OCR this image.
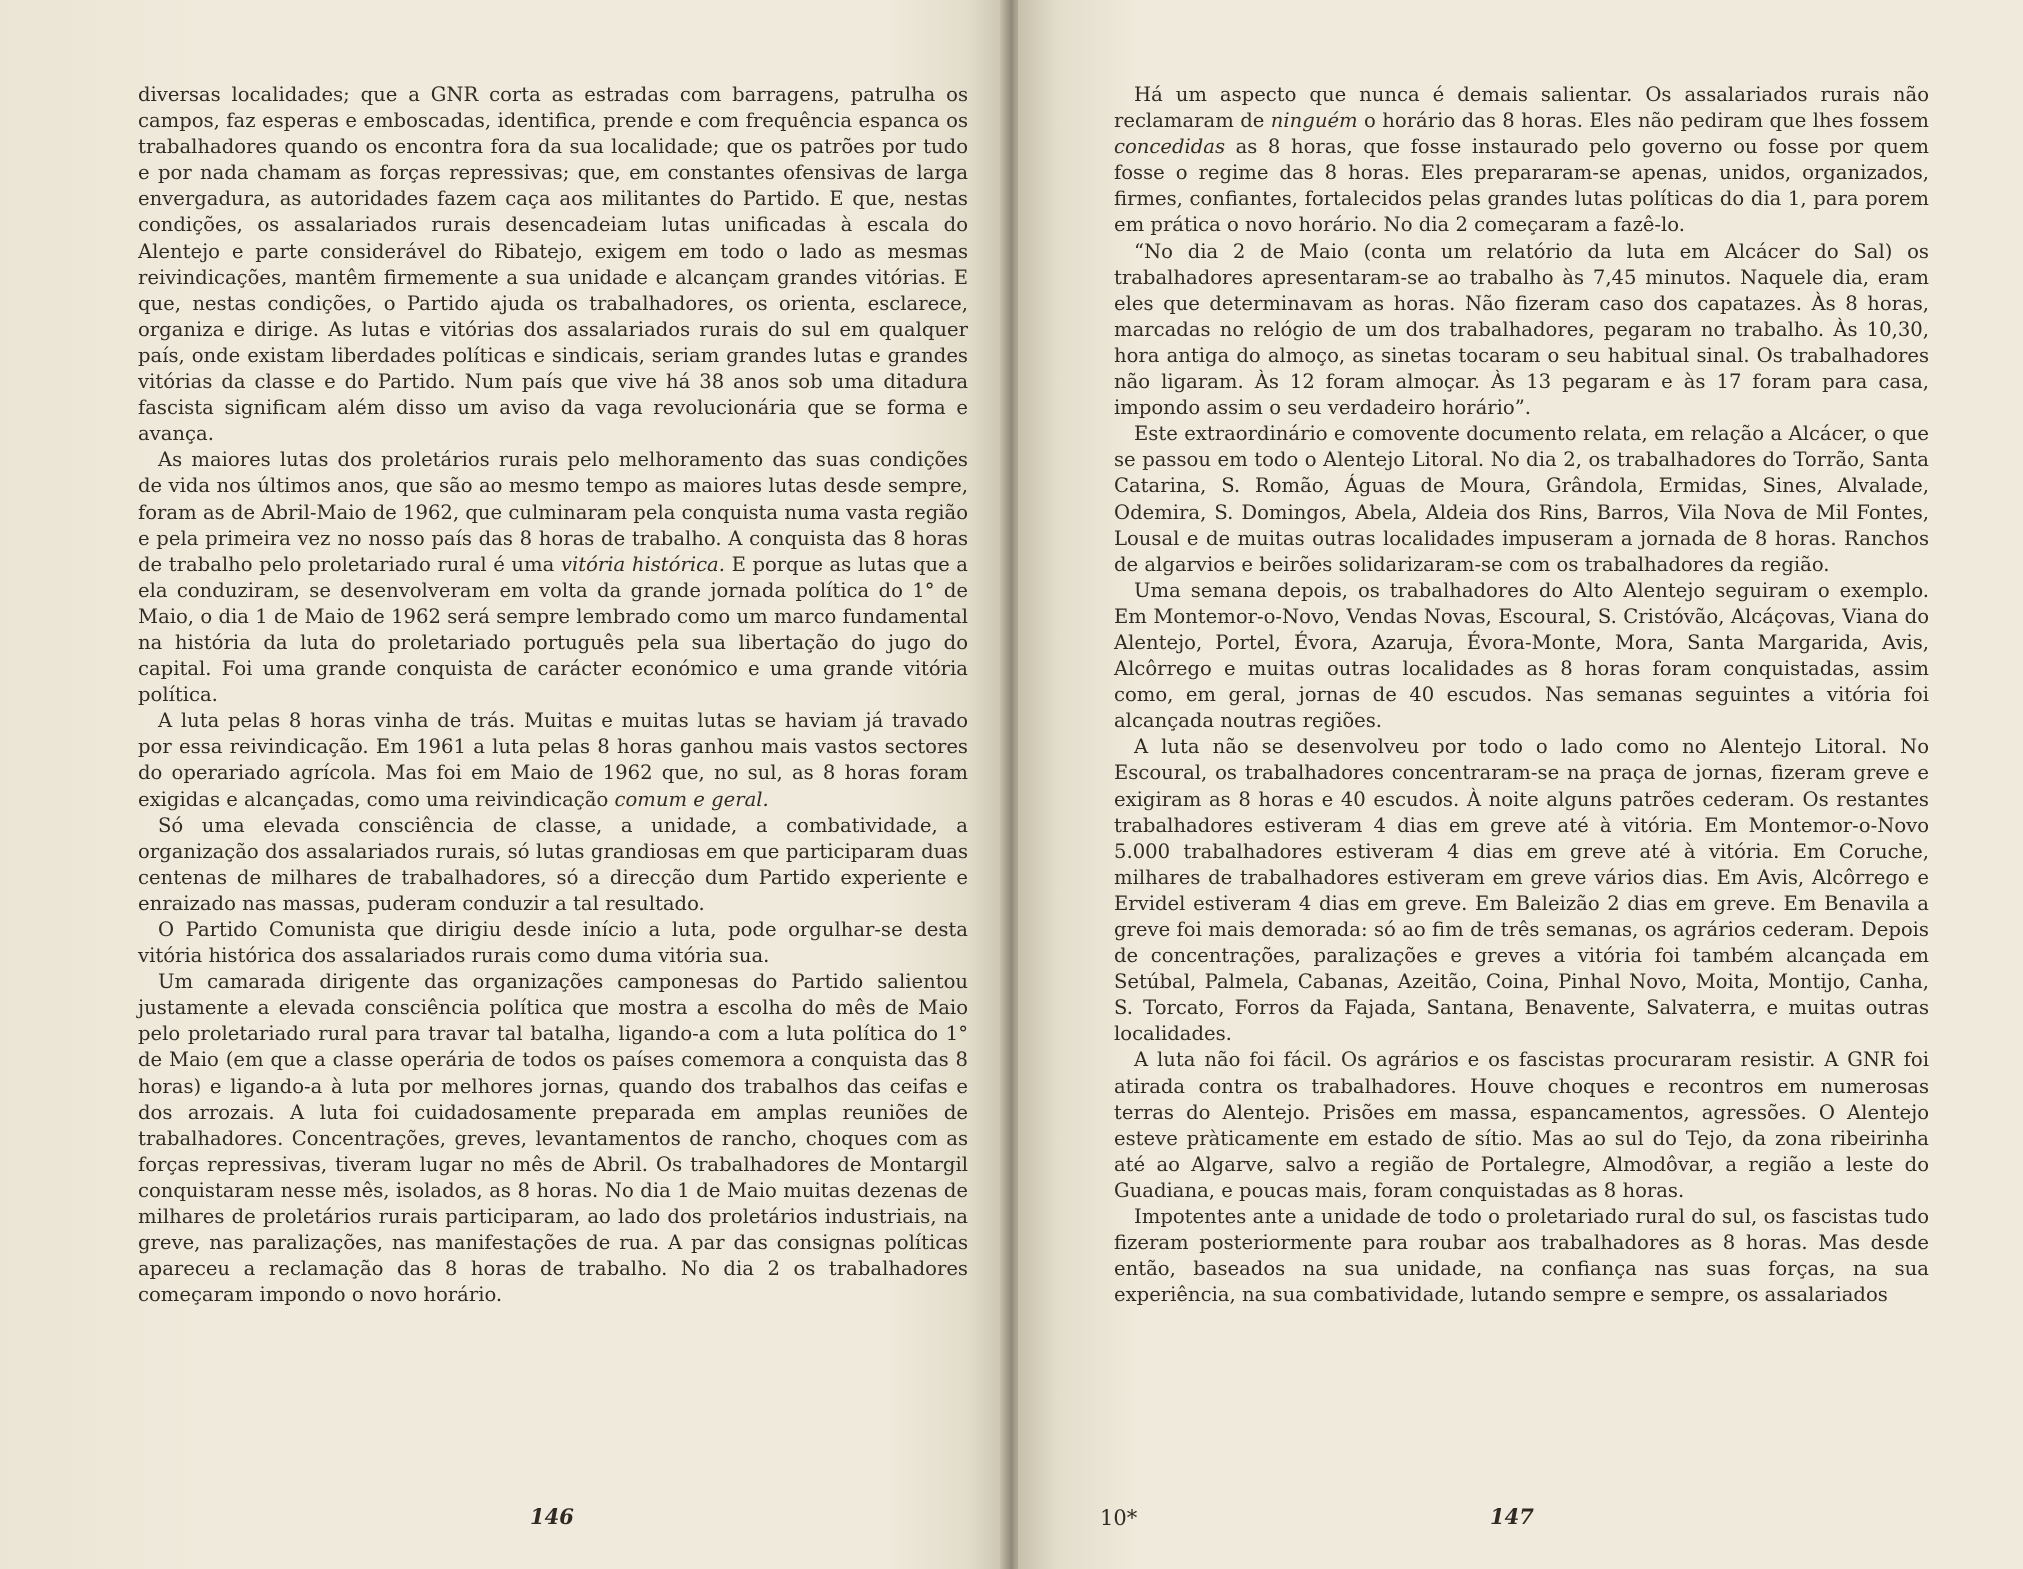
diversas localidades; que a GNR corta as estradas com barragens, patrulha os campos, faz esperas e emboscadas, identifica, prende e com frequência espanca os trabalhadores quando os encontra fora da sua localidade; que os patrões por tudo e por nada chamam as forças repressivas; que, em constantes ofensivas de larga envergadura, as autoridades fazem caça aos militantes do Partido. E que, nestas condições, os assalariados rurais desencadeiam lutas unificadas à escala do Alentejo e parte considerável do Ribatejo, exigem em todo o lado as mesmas reivindicações, mantêm firmemente a sua unidade e alcançam grandes vitórias. E que, nestas condições, o Partido ajuda os trabalhadores, os orienta, esclarece, organiza e dirige. As lutas e vitórias dos assalariados rurais do sul em qualquer país, onde existam liberdades políticas e sindicais, seriam grandes lutas e grandes vitórias da classe e do Partido. Num país que vive há 38 anos sob uma ditadura fascista significam além disso um aviso da vaga revolucionária que se forma e avança.

As maiores lutas dos proletários rurais pelo melhoramento das suas condições de vida nos últimos anos, que são ao mesmo tempo as maiores lutas desde sempre, foram as de Abril-Maio de 1962, que culminaram pela conquista numa vasta região e pela primeira vez no nosso país das 8 horas de trabalho. A conquista das 8 horas de trabalho pelo proletariado rural é uma vitória histórica. E porque as lutas que a ela conduziram, se desenvolveram em volta da grande jornada política do 1° de Maio, o dia 1 de Maio de 1962 será sempre lembrado como um marco fundamental na história da luta do proletariado português pela sua libertação do jugo do capital. Foi uma grande conquista de carácter económico e uma grande vitória política.

A luta pelas 8 horas vinha de trás. Muitas e muitas lutas se haviam já travado por essa reivindicação. Em 1961 a luta pelas 8 horas ganhou mais vastos sectores do operariado agrícola. Mas foi em Maio de 1962 que, no sul, as 8 horas foram exigidas e alcançadas, como uma reivindicação comum e geral.

Só uma elevada consciência de classe, a unidade, a combatividade, a organização dos assalariados rurais, só lutas grandiosas em que participaram duas centenas de milhares de trabalhadores, só a direcção dum Partido experiente e enraizado nas massas, puderam conduzir a tal resultado.

O Partido Comunista que dirigiu desde início a luta, pode orgulhar-se desta vitória histórica dos assalariados rurais como duma vitória sua.

Um camarada dirigente das organizações camponesas do Partido salientou justamente a elevada consciência política que mostra a escolha do mês de Maio pelo proletariado rural para travar tal batalha, ligando-a com a luta política do 1° de Maio (em que a classe operária de todos os países comemora a conquista das 8 horas) e ligando-a à luta por melhores jornas, quando dos trabalhos das ceifas e dos arrozais. A luta foi cuidadosamente preparada em amplas reuniões de trabalhadores. Concentrações, greves, levantamentos de rancho, choques com as forças repressivas, tiveram lugar no mês de Abril. Os trabalhadores de Montargil conquistaram nesse mês, isolados, as 8 horas. No dia 1 de Maio muitas dezenas de milhares de proletários rurais participaram, ao lado dos proletários industriais, na greve, nas paralizações, nas manifestações de rua. A par das consignas políticas apareceu a reclamação das 8 horas de trabalho. No dia 2 os trabalhadores começaram impondo o novo horário.

146

Há um aspecto que nunca é demais salientar. Os assalariados rurais não reclamaram de ninguém o horário das 8 horas. Eles não pediram que lhes fossem concedidas as 8 horas, que fosse instaurado pelo governo ou fosse por quem fosse o regime das 8 horas. Eles prepararam-se apenas, unidos, organizados, firmes, confiantes, fortalecidos pelas grandes lutas políticas do dia 1, para porem em prática o novo horário. No dia 2 começaram a fazê-lo.

“No dia 2 de Maio (conta um relatório da luta em Alcácer do Sal) os trabalhadores apresentaram-se ao trabalho às 7,45 minutos. Naquele dia, eram eles que determinavam as horas. Não fizeram caso dos capatazes. Às 8 horas, marcadas no relógio de um dos trabalhadores, pegaram no trabalho. Às 10,30, hora antiga do almoço, as sinetas tocaram o seu habitual sinal. Os trabalhadores não ligaram. Às 12 foram almoçar. Às 13 pegaram e às 17 foram para casa, impondo assim o seu verdadeiro horário”.

Este extraordinário e comovente documento relata, em relação a Alcácer, o que se passou em todo o Alentejo Litoral. No dia 2, os trabalhadores do Torrão, Santa Catarina, S. Romão, Águas de Moura, Grândola, Ermidas, Sines, Alvalade, Odemira, S. Domingos, Abela, Aldeia dos Rins, Barros, Vila Nova de Mil Fontes, Lousal e de muitas outras localidades impuseram a jornada de 8 horas. Ranchos de algarvios e beirões solidarizaram-se com os trabalhadores da região.

Uma semana depois, os trabalhadores do Alto Alentejo seguiram o exemplo. Em Montemor-o-Novo, Vendas Novas, Escoural, S. Cristóvão, Alcáçovas, Viana do Alentejo, Portel, Évora, Azaruja, Évora-Monte, Mora, Santa Margarida, Avis, Alcôrrego e muitas outras localidades as 8 horas foram conquistadas, assim como, em geral, jornas de 40 escudos. Nas semanas seguintes a vitória foi alcançada noutras regiões.

A luta não se desenvolveu por todo o lado como no Alentejo Litoral. No Escoural, os trabalhadores concentraram-se na praça de jornas, fizeram greve e exigiram as 8 horas e 40 escudos. À noite alguns patrões cederam. Os restantes trabalhadores estiveram 4 dias em greve até à vitória. Em Montemor-o-Novo 5.000 trabalhadores estiveram 4 dias em greve até à vitória. Em Coruche, milhares de trabalhadores estiveram em greve vários dias. Em Avis, Alcôrrego e Ervidel estiveram 4 dias em greve. Em Baleizão 2 dias em greve. Em Benavila a greve foi mais demorada: só ao fim de três semanas, os agrários cederam. Depois de concentrações, paralizações e greves a vitória foi também alcançada em Setúbal, Palmela, Cabanas, Azeitão, Coina, Pinhal Novo, Moita, Montijo, Canha, S. Torcato, Forros da Fajada, Santana, Benavente, Salvaterra, e muitas outras localidades.

A luta não foi fácil. Os agrários e os fascistas procuraram resistir. A GNR foi atirada contra os trabalhadores. Houve choques e recontros em numerosas terras do Alentejo. Prisões em massa, espancamentos, agressões. O Alentejo esteve pràticamente em estado de sítio. Mas ao sul do Tejo, da zona ribeirinha até ao Algarve, salvo a região de Portalegre, Almodôvar, a região a leste do Guadiana, e poucas mais, foram conquistadas as 8 horas.

Impotentes ante a unidade de todo o proletariado rural do sul, os fascistas tudo fizeram posteriormente para roubar aos trabalhadores as 8 horas. Mas desde então, baseados na sua unidade, na confiança nas suas forças, na sua experiência, na sua combatividade, lutando sempre e sempre, os assalariados

10*	147
